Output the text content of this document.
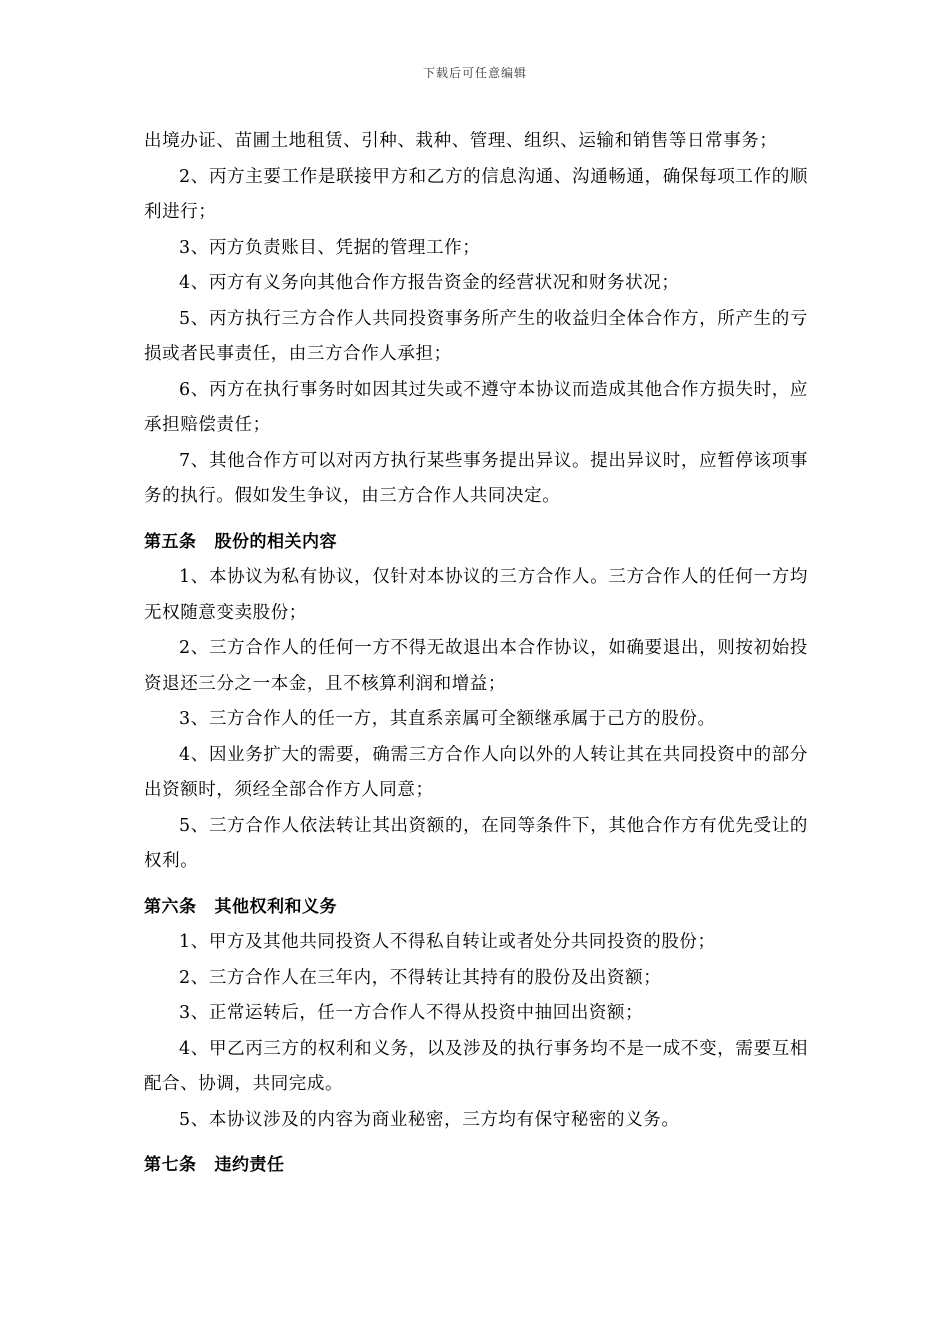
下载后可任意编辑

出境办证、苗圃土地租赁、引种、栽种、管理、组织、运输和销售等日常事务；

2、丙方主要工作是联接甲方和乙方的信息沟通、沟通畅通，确保每项工作的顺利进行；

3、丙方负责账目、凭据的管理工作；

4、丙方有义务向其他合作方报告资金的经营状况和财务状况；

5、丙方执行三方合作人共同投资事务所产生的收益归全体合作方，所产生的亏损或者民事责任，由三方合作人承担；

6、丙方在执行事务时如因其过失或不遵守本协议而造成其他合作方损失时，应承担赔偿责任；

7、其他合作方可以对丙方执行某些事务提出异议。提出异议时，应暂停该项事务的执行。假如发生争议，由三方合作人共同决定。

第五条 股份的相关内容

1、本协议为私有协议，仅针对本协议的三方合作人。三方合作人的任何一方均无权随意变卖股份；

2、三方合作人的任何一方不得无故退出本合作协议，如确要退出，则按初始投资退还三分之一本金，且不核算利润和增益；

3、三方合作人的任一方，其直系亲属可全额继承属于己方的股份。

4、因业务扩大的需要，确需三方合作人向以外的人转让其在共同投资中的部分出资额时，须经全部合作方人同意；

5、三方合作人依法转让其出资额的，在同等条件下，其他合作方有优先受让的权利。

第六条 其他权利和义务

1、甲方及其他共同投资人不得私自转让或者处分共同投资的股份；

2、三方合作人在三年内，不得转让其持有的股份及出资额；

3、正常运转后，任一方合作人不得从投资中抽回出资额；

4、甲乙丙三方的权利和义务，以及涉及的执行事务均不是一成不变，需要互相配合、协调，共同完成。

5、本协议涉及的内容为商业秘密，三方均有保守秘密的义务。

第七条 违约责任
